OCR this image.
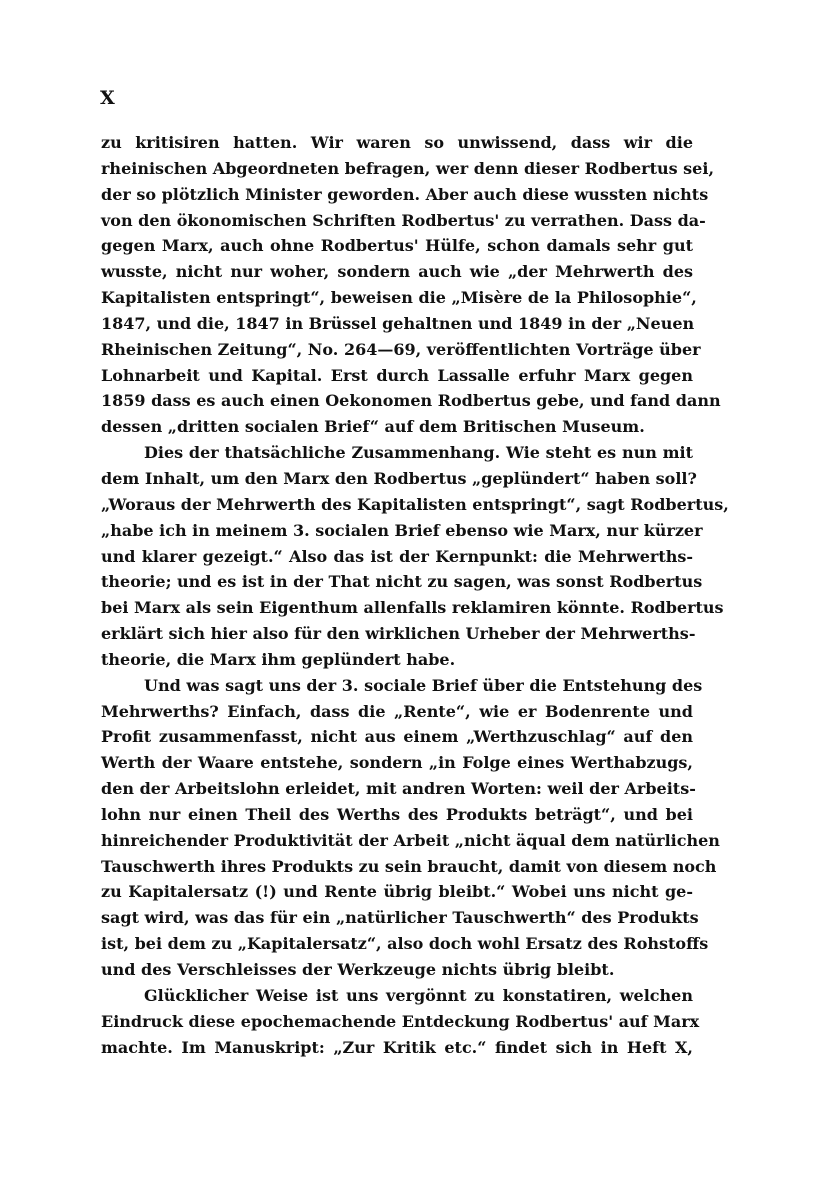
X
zu kritisiren hatten. Wir waren so unwissend, dass wir die
rheinischen Abgeordneten befragen, wer denn dieser Rodbertus sei,
der so plötzlich Minister geworden. Aber auch diese wussten nichts
von den ökonomischen Schriften Rodbertus' zu verrathen. Dass da-
gegen Marx, auch ohne Rodbertus' Hülfe, schon damals sehr gut
wusste, nicht nur woher, sondern auch wie „der Mehrwerth des
Kapitalisten entspringt“, beweisen die „Misère de la Philosophie“,
1847, und die, 1847 in Brüssel gehaltnen und 1849 in der „Neuen
Rheinischen Zeitung“, No. 264—69, veröffentlichten Vorträge über
Lohnarbeit und Kapital. Erst durch Lassalle erfuhr Marx gegen
1859 dass es auch einen Oekonomen Rodbertus gebe, und fand dann
dessen „dritten socialen Brief“ auf dem Britischen Museum.
Dies der thatsächliche Zusammenhang. Wie steht es nun mit
dem Inhalt, um den Marx den Rodbertus „geplündert“ haben soll?
„Woraus der Mehrwerth des Kapitalisten entspringt“, sagt Rodbertus,
„habe ich in meinem 3. socialen Brief ebenso wie Marx, nur kürzer
und klarer gezeigt.“ Also das ist der Kernpunkt: die Mehrwerths-
theorie; und es ist in der That nicht zu sagen, was sonst Rodbertus
bei Marx als sein Eigenthum allenfalls reklamiren könnte. Rodbertus
erklärt sich hier also für den wirklichen Urheber der Mehrwerths-
theorie, die Marx ihm geplündert habe.
Und was sagt uns der 3. sociale Brief über die Entstehung des
Mehrwerths? Einfach, dass die „Rente“, wie er Bodenrente und
Profit zusammenfasst, nicht aus einem „Werthzuschlag“ auf den
Werth der Waare entstehe, sondern „in Folge eines Werthabzugs,
den der Arbeitslohn erleidet, mit andren Worten: weil der Arbeits-
lohn nur einen Theil des Werths des Produkts beträgt“, und bei
hinreichender Produktivität der Arbeit „nicht äqual dem natürlichen
Tauschwerth ihres Produkts zu sein braucht, damit von diesem noch
zu Kapitalersatz (!) und Rente übrig bleibt.“ Wobei uns nicht ge-
sagt wird, was das für ein „natürlicher Tauschwerth“ des Produkts
ist, bei dem zu „Kapitalersatz“, also doch wohl Ersatz des Rohstoffs
und des Verschleisses der Werkzeuge nichts übrig bleibt.
Glücklicher Weise ist uns vergönnt zu konstatiren, welchen
Eindruck diese epochemachende Entdeckung Rodbertus' auf Marx
machte. Im Manuskript: „Zur Kritik etc.“ findet sich in Heft X,
